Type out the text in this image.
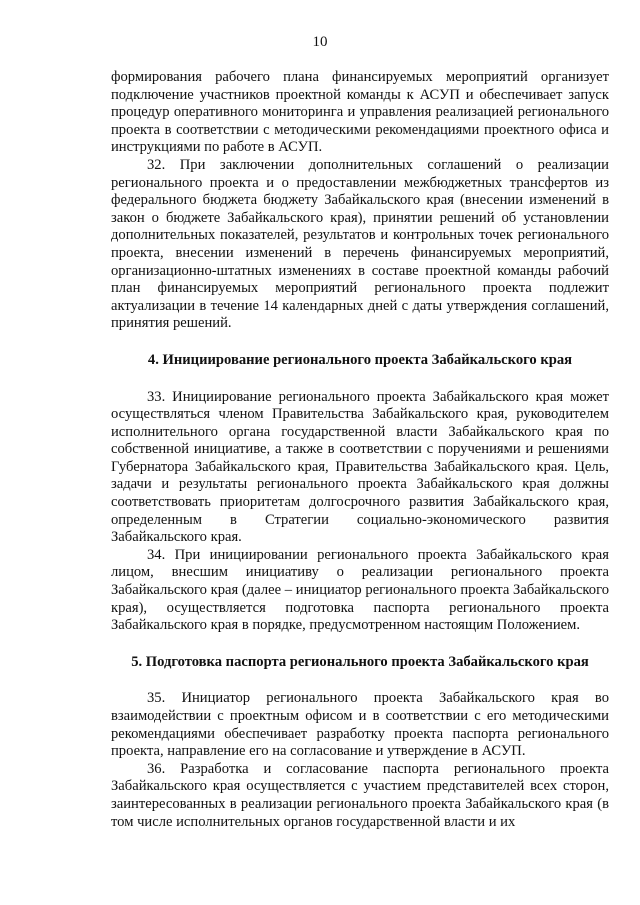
10

формирования рабочего плана финансируемых мероприятий организует подключение участников проектной команды к АСУП и обеспечивает запуск процедур оперативного мониторинга и управления реализацией регионального проекта в соответствии с методическими рекомендациями проектного офиса и инструкциями по работе в АСУП.

32. При заключении дополнительных соглашений о реализации регионального проекта и о предоставлении межбюджетных трансфертов из федерального бюджета бюджету Забайкальского края (внесении изменений в закон о бюджете Забайкальского края), принятии решений об установлении дополнительных показателей, результатов и контрольных точек регионального проекта, внесении изменений в перечень финансируемых мероприятий, организационно-штатных изменениях в составе проектной команды рабочий план финансируемых мероприятий регионального проекта подлежит актуализации в течение 14 календарных дней с даты утверждения соглашений, принятия решений.

4. Инициирование регионального проекта Забайкальского края

33. Инициирование регионального проекта Забайкальского края может осуществляться членом Правительства Забайкальского края, руководителем исполнительного органа государственной власти Забайкальского края по собственной инициативе, а также в соответствии с поручениями и решениями Губернатора Забайкальского края, Правительства Забайкальского края. Цель, задачи и результаты регионального проекта Забайкальского края должны соответствовать приоритетам долгосрочного развития Забайкальского края, определенным в Стратегии социально-экономического развития Забайкальского края.

34. При инициировании регионального проекта Забайкальского края лицом, внесшим инициативу о реализации регионального проекта Забайкальского края (далее – инициатор регионального проекта Забайкальского края), осуществляется подготовка паспорта регионального проекта Забайкальского края в порядке, предусмотренном настоящим Положением.

5. Подготовка паспорта регионального проекта Забайкальского края

35. Инициатор регионального проекта Забайкальского края во взаимодействии с проектным офисом и в соответствии с его методическими рекомендациями обеспечивает разработку проекта паспорта регионального проекта, направление его на согласование и утверждение в АСУП.

36. Разработка и согласование паспорта регионального проекта Забайкальского края осуществляется с участием представителей всех сторон, заинтересованных в реализации регионального проекта Забайкальского края (в том числе исполнительных органов государственной власти и их
